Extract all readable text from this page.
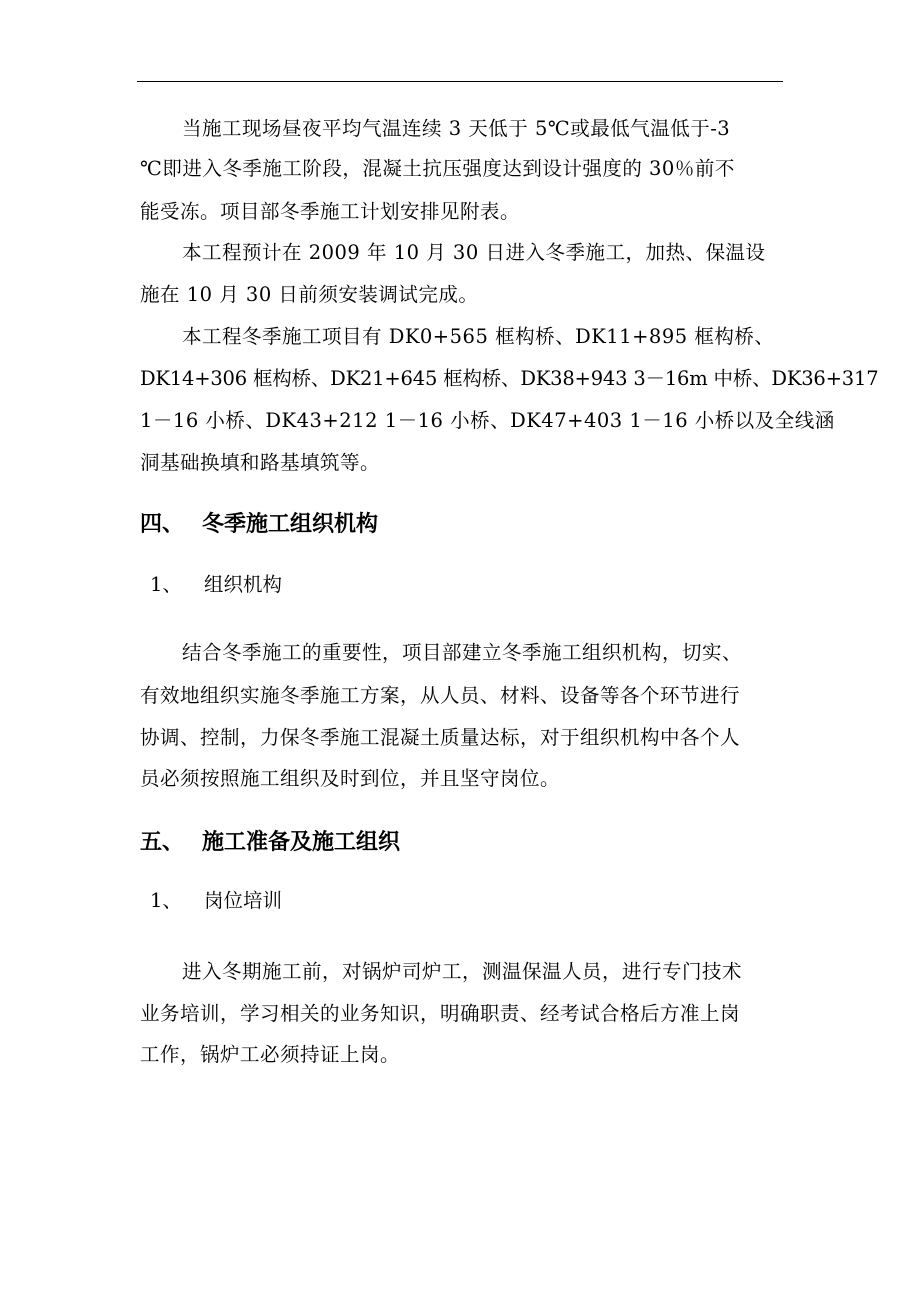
当施工现场昼夜平均气温连续 3 天低于 5℃或最低气温低于-3
℃即进入冬季施工阶段，混凝土抗压强度达到设计强度的 30％前不
能受冻。项目部冬季施工计划安排见附表。
本工程预计在 2009 年 10 月 30 日进入冬季施工，加热、保温设
施在 10 月 30 日前须安装调试完成。
本工程冬季施工项目有 DK0+565 框构桥、DK11+895 框构桥、
DK14+306 框构桥、DK21+645 框构桥、DK38+943 3－16m 中桥、DK36+317
1－16 小桥、DK43+212 1－16 小桥、DK47+403 1－16 小桥以及全线涵
洞基础换填和路基填筑等。
四、 冬季施工组织机构
1、 组织机构
结合冬季施工的重要性，项目部建立冬季施工组织机构，切实、
有效地组织实施冬季施工方案，从人员、材料、设备等各个环节进行
协调、控制，力保冬季施工混凝土质量达标，对于组织机构中各个人
员必须按照施工组织及时到位，并且坚守岗位。
五、 施工准备及施工组织
1、 岗位培训
进入冬期施工前，对锅炉司炉工，测温保温人员，进行专门技术
业务培训，学习相关的业务知识，明确职责、经考试合格后方准上岗
工作，锅炉工必须持证上岗。
